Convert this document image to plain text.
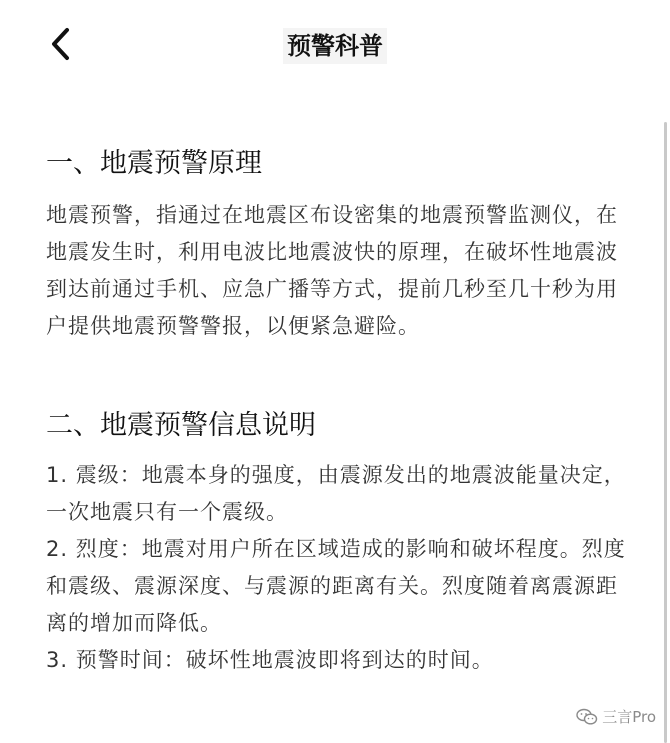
预警科普
一、地震预警原理

地震预警，指通过在地震区布设密集的地震预警监测仪，在地震发生时，利用电波比地震波快的原理，在破坏性地震波到达前通过手机、应急广播等方式，提前几秒至几十秒为用户提供地震预警警报，以便紧急避险。

二、地震预警信息说明
1. 震级：地震本身的强度，由震源发出的地震波能量决定，一次地震只有一个震级。
2. 烈度：地震对用户所在区域造成的影响和破坏程度。烈度和震级、震源深度、与震源的距离有关。烈度随着离震源距离的增加而降低。
3. 预警时间：破坏性地震波即将到达的时间。
三言Pro
